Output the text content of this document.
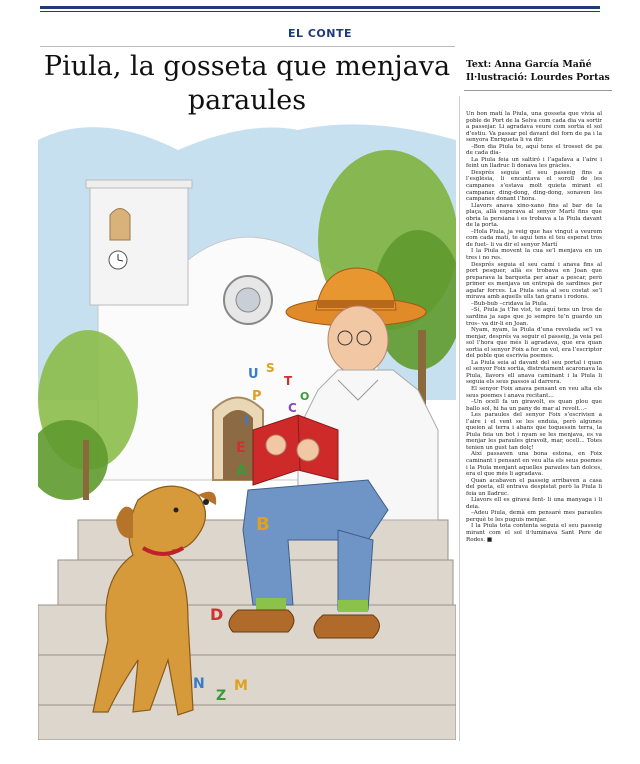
EL CONTE
Piula, la gosseta que menjava
paraules
Text: Anna García Mañé
Il·lustració: Lourdes Portas
U S
T
O
C
P
I
E
A
B
D
N
Z
M

Un bon matí la Piula, una gosseta que vivia al poble de Port de la Selva com cada dia va sortir a passejar. Li agradava veure com sortia el sol d’estiu. Va passar pel davant del forn de pa i la senyora Enriqueta li va dir:

–Bon dia Piula te, aquí tens el trosset de pa de cada dia–

La Piula feia un saltiró i l’agafava a l’aire i feint un lladruc li donava les gràcies.

Després seguia el seu passeig fins a l’església, li encantava el soroll de les campanes s’estava molt quieta mirant el campanar, ding-dong, ding-dong, sonaven les campanes donant l’hora.

Llavors anava xino-xano fins al bar de la plaça, allà esperava al senyor Martí fins que obria la persiana i es trobava a la Piula davant de la porta.

–Hola Piula, ja veig que has vingut a veurem com cada matí, te aquí tens el teu esperat tros de fuet– li va dir el senyor Martí

I la Piula movent la cua se’l menjava en un tres i no res.

Després seguia el seu camí i anava fins al port pesquer, allà es trobava en Joan que preparava la barqueta per anar a pescar, però primer es menjava un entrepà de sardines per agafar forces. La Piula seia al seu costat se’l mirava amb aquells ulls tan grans i rodons.

–Bub-bub –cridava la Piula.

–Sí, Piula ja t’he vist, te aquí tens un tros de sardina ja saps que jo sempre te’n guardo un tros– va dir-li en Joan.

Nyam, nyam, la Piula d’una revolada se’l va menjar, després va seguir el passeig, ja veia pel sol l’hora que més li agradava, que era quan sortia el senyor Foix a fer un vol, era l’escriptor del poble que escrivia poemes.

La Piula seia al davant del seu portal i quan el senyor Foix sortia, distretament acaronava la Piula, llavors ell anava caminant i la Piula li seguia els seus passos al darrera.

El senyor Foix anava pensant en veu alta els seus poemes i anava recitant...

–Un ocell fa un giravolt, es quan plou que ballo sol, hi ha un pany de mar al revolt...–

Les paraules del senyor Foix s’escrivien a l’aire i el vent se les enduia, però algunes queien al terra i abans que toquessin terra, la Piula feia un bot i nyam se les menjava, es va menjar les paraules giravolt, mar, ocell... Totes tenien un gust tan dolç!

Així passaven una bona estona, en Foix caminant i pensant en veu alta els seus poemes i la Piula menjant aquelles paraules tan dolces, era el que més li agradava.

Quan acabaven el passeig arribaven a casa del poeta, ell entrava despistat però la Piula li feia un lladruc.

Llavors ell es girava fent- li una manyaga i li deia.

–Adeu Piula, demà em pensaré mes paraules perquè te les puguis menjar.

I la Piula tota contenta seguia el seu passeig mirant com el sol il·luminava Sant Pere de Rodes. ■
